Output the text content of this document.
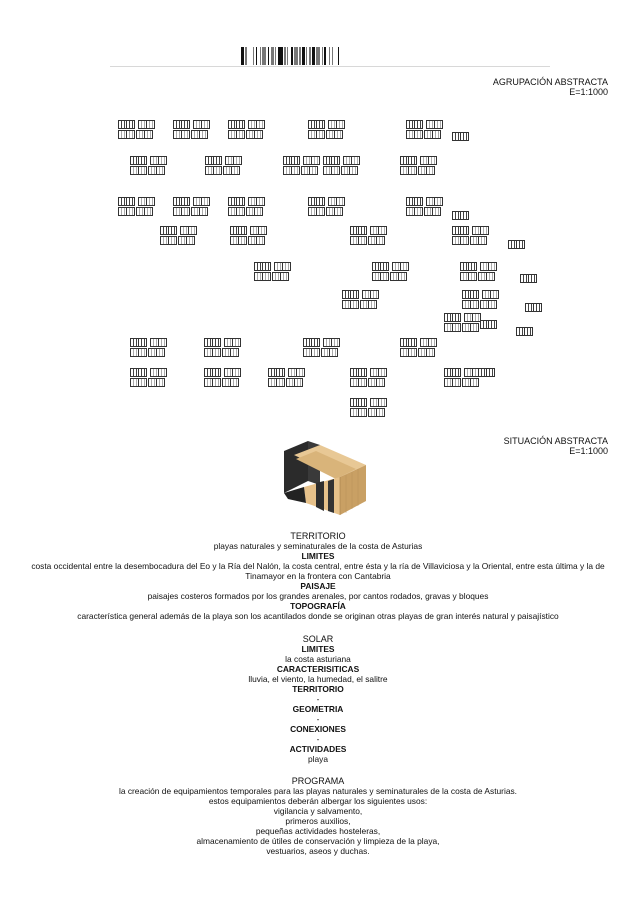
AGRUPACIÓN ABSTRACTA
E=1:1000
SITUACIÓN ABSTRACTA
E=1:1000
TERRITORIO
playas naturales y seminaturales de la costa de Asturias
LIMITES
costa occidental entre la desembocadura del Eo y la Ría del Nalón, la costa central, entre ésta y la ría de Villaviciosa y la Oriental, entre esta última y la de Tinamayor en la frontera con Cantabria
PAISAJE
paisajes costeros formados por los grandes arenales, por cantos rodados, gravas y bloques
TOPOGRAFÍA
característica general además de la playa son los acantilados donde se originan otras playas de gran interés natural y paisajístico
SOLAR
LIMITES
la costa asturiana
CARACTERISITICAS
lluvia, el viento, la humedad, el salitre
TERRITORIO
-
GEOMETRIA
-
CONEXIONES
-
ACTIVIDADES
playa
PROGRAMA
la creación de equipamientos temporales para las playas naturales y seminaturales de la costa de Asturias.
estos equipamientos deberán albergar los siguientes usos:
vigilancia y salvamento,
primeros auxilios,
pequeñas actividades hosteleras,
almacenamiento de útiles de conservación y limpieza de la playa,
vestuarios, aseos y duchas.
